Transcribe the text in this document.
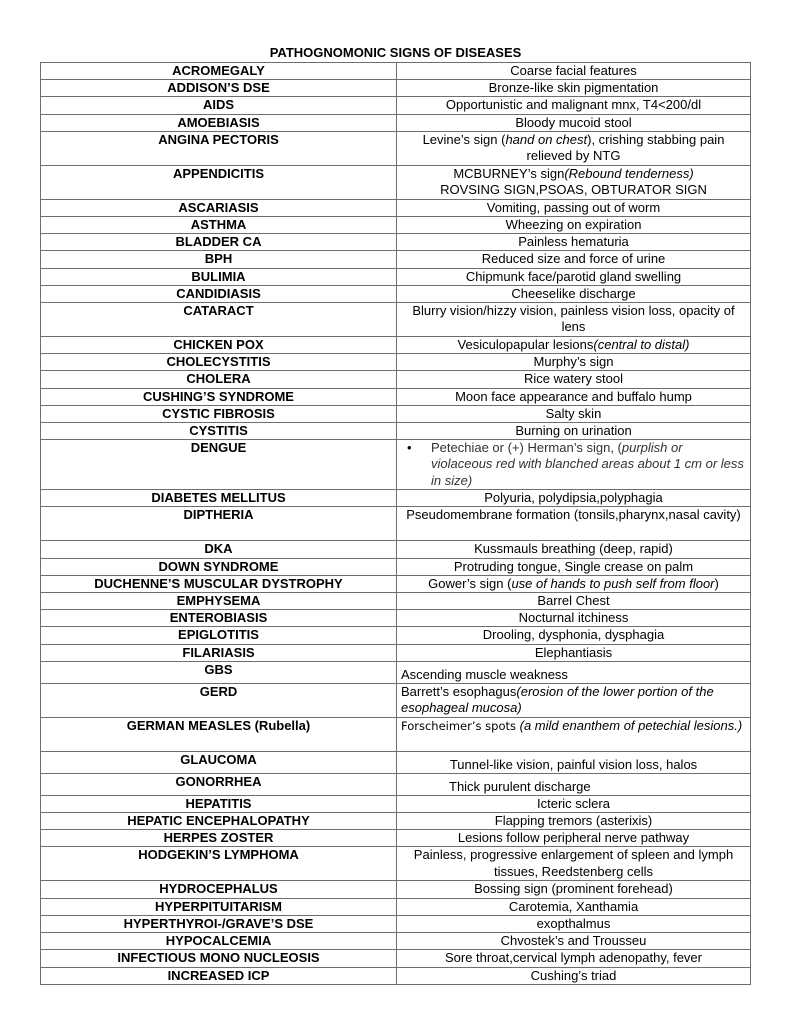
PATHOGNOMONIC SIGNS OF DISEASES
ACROMEGALY	Coarse facial features
ADDISON’S DSE	Bronze-like skin pigmentation
AIDS	Opportunistic and malignant mnx, T4<200/dl
AMOEBIASIS	Bloody mucoid stool
ANGINA PECTORIS	Levine’s sign (hand on chest), crishing stabbing pain relieved by NTG
APPENDICITIS	MCBURNEY’s sign(Rebound tenderness)
ROVSING SIGN,PSOAS, OBTURATOR SIGN
ASCARIASIS	Vomiting, passing out of worm
ASTHMA	Wheezing on expiration
BLADDER CA	Painless hematuria
BPH	Reduced size and force of urine
BULIMIA	Chipmunk face/parotid gland swelling
CANDIDIASIS	Cheeselike discharge
CATARACT	Blurry vision/hizzy vision, painless vision loss, opacity of lens
CHICKEN POX	Vesiculopapular lesions(central to distal)
CHOLECYSTITIS	Murphy’s sign
CHOLERA	Rice watery stool
CUSHING’S SYNDROME	Moon face appearance and buffalo hump
CYSTIC FIBROSIS	Salty skin
CYSTITIS	Burning on urination
DENGUE	• Petechiae or (+) Herman’s sign, (purplish or violaceous red with blanched areas about 1 cm or less in size)
DIABETES MELLITUS	Polyuria, polydipsia,polyphagia
DIPTHERIA	Pseudomembrane formation (tonsils,pharynx,nasal cavity)
DKA	Kussmauls breathing (deep, rapid)
DOWN SYNDROME	Protruding tongue, Single crease on palm
DUCHENNE’S MUSCULAR DYSTROPHY	Gower’s sign (use of hands to push self from floor)
EMPHYSEMA	Barrel Chest
ENTEROBIASIS	Nocturnal itchiness
EPIGLOTITIS	Drooling, dysphonia, dysphagia
FILARIASIS	Elephantiasis
GBS	Ascending muscle weakness
GERD	Barrett’s esophagus(erosion of the lower portion of the esophageal mucosa)
GERMAN MEASLES (Rubella)	Forscheimer’s spots (a mild enanthem of petechial lesions.)
GLAUCOMA	Tunnel-like vision, painful vision loss, halos
GONORRHEA	Thick purulent discharge
HEPATITIS	Icteric sclera
HEPATIC ENCEPHALOPATHY	Flapping tremors (asterixis)
HERPES ZOSTER	Lesions follow peripheral nerve pathway
HODGEKIN’S LYMPHOMA	Painless, progressive enlargement of spleen and lymph tissues, Reedstenberg cells
HYDROCEPHALUS	Bossing sign (prominent forehead)
HYPERPITUITARISM	Carotemia, Xanthamia
HYPERTHYROI-/GRAVE’S DSE	exopthalmus
HYPOCALCEMIA	Chvostek’s and Trousseu
INFECTIOUS MONO NUCLEOSIS	Sore throat,cervical lymph adenopathy, fever
INCREASED ICP	Cushing’s triad
